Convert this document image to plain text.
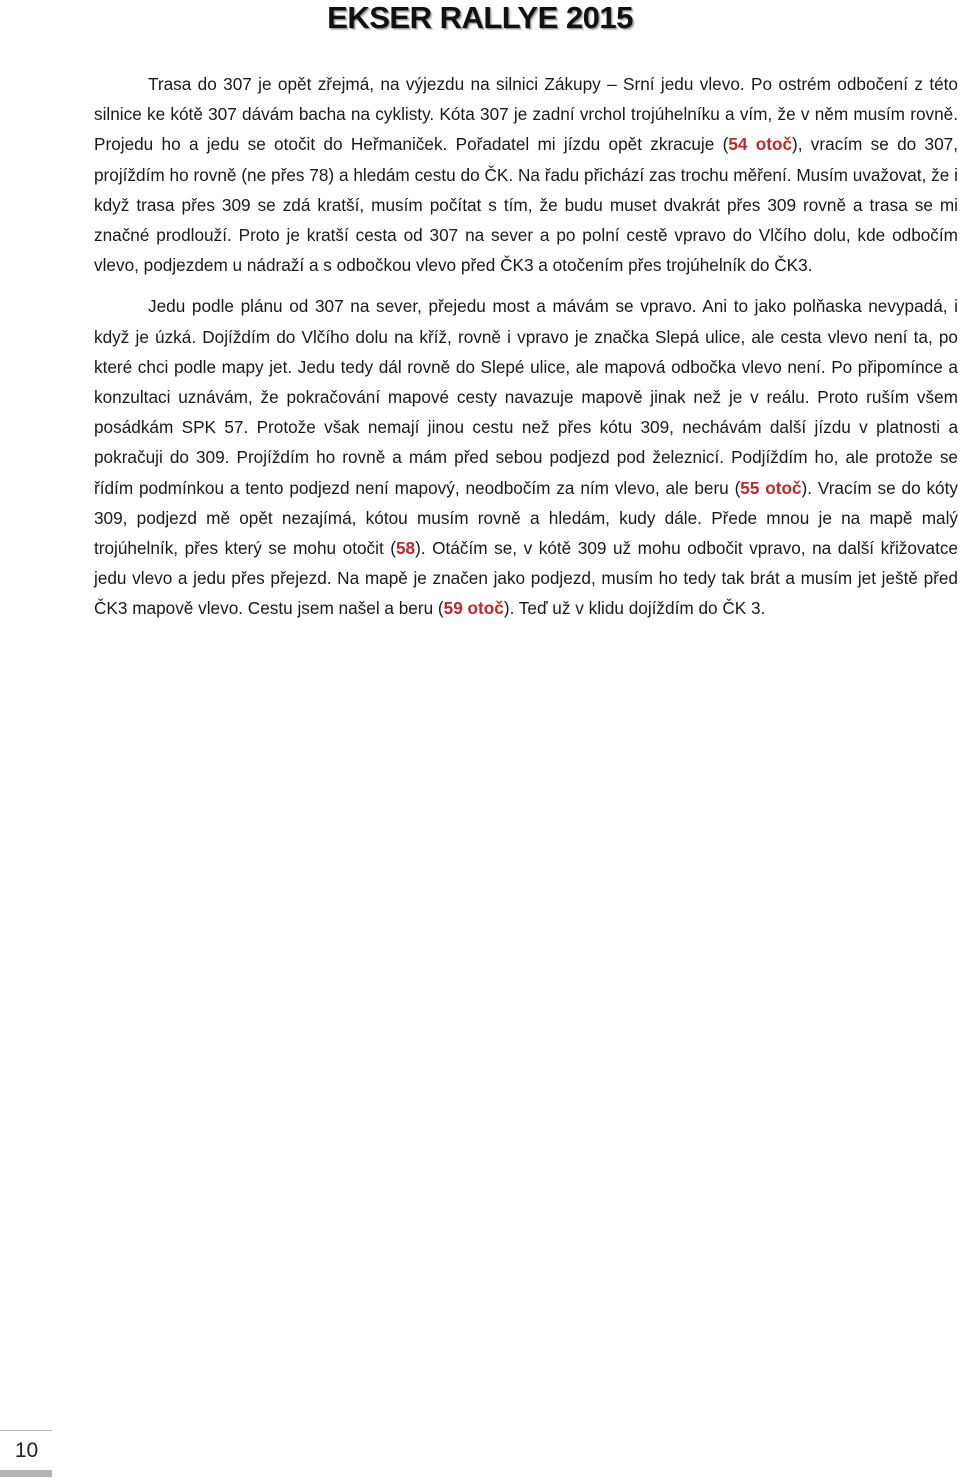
EKSER RALLYE 2015

Trasa do 307 je opět zřejmá, na výjezdu na silnici Zákupy – Srní jedu vlevo. Po ostrém odbočení z této silnice ke kótě 307 dávám bacha na cyklisty. Kóta 307 je zadní vrchol trojúhelníku a vím, že v něm musím rovně. Projedu ho a jedu se otočit do Heřmaniček. Pořadatel mi jízdu opět zkracuje (54 otoč), vracím se do 307, projíždím ho rovně (ne přes 78) a hledám cestu do ČK. Na řadu přichází zas trochu měření. Musím uvažovat, že i když trasa přes 309 se zdá kratší, musím počítat s tím, že budu muset dvakrát přes 309 rovně a trasa se mi značné prodlouží. Proto je kratší cesta od 307 na sever a po polní cestě vpravo do Vlčího dolu, kde odbočím vlevo, podjezdem u nádraží a s odbočkou vlevo před ČK3 a otočením přes trojúhelník do ČK3.

Jedu podle plánu od 307 na sever, přejedu most a mávám se vpravo. Ani to jako polňaska nevypadá, i když je úzká. Dojíždím do Vlčího dolu na kříž, rovně i vpravo je značka Slepá ulice, ale cesta vlevo není ta, po které chci podle mapy jet. Jedu tedy dál rovně do Slepé ulice, ale mapová odbočka vlevo není. Po připomínce a konzultaci uznávám, že pokračování mapové cesty navazuje mapově jinak než je v reálu. Proto ruším všem posádkám SPK 57. Protože však nemají jinou cestu než přes kótu 309, nechávám další jízdu v platnosti a pokračuji do 309. Projíždím ho rovně a mám před sebou podjezd pod železnicí. Podjíždím ho, ale protože se řídím podmínkou a tento podjezd není mapový, neodbočím za ním vlevo, ale beru (55 otoč). Vracím se do kóty 309, podjezd mě opět nezajímá, kótou musím rovně a hledám, kudy dále. Přede mnou je na mapě malý trojúhelník, přes který se mohu otočit (58). Otáčím se, v kótě 309 už mohu odbočit vpravo, na další křižovatce jedu vlevo a jedu přes přejezd. Na mapě je značen jako podjezd, musím ho tedy tak brát a musím jet ještě před ČK3 mapově vlevo. Cestu jsem našel a beru (59 otoč). Teď už v klidu dojíždím do ČK 3.

10
